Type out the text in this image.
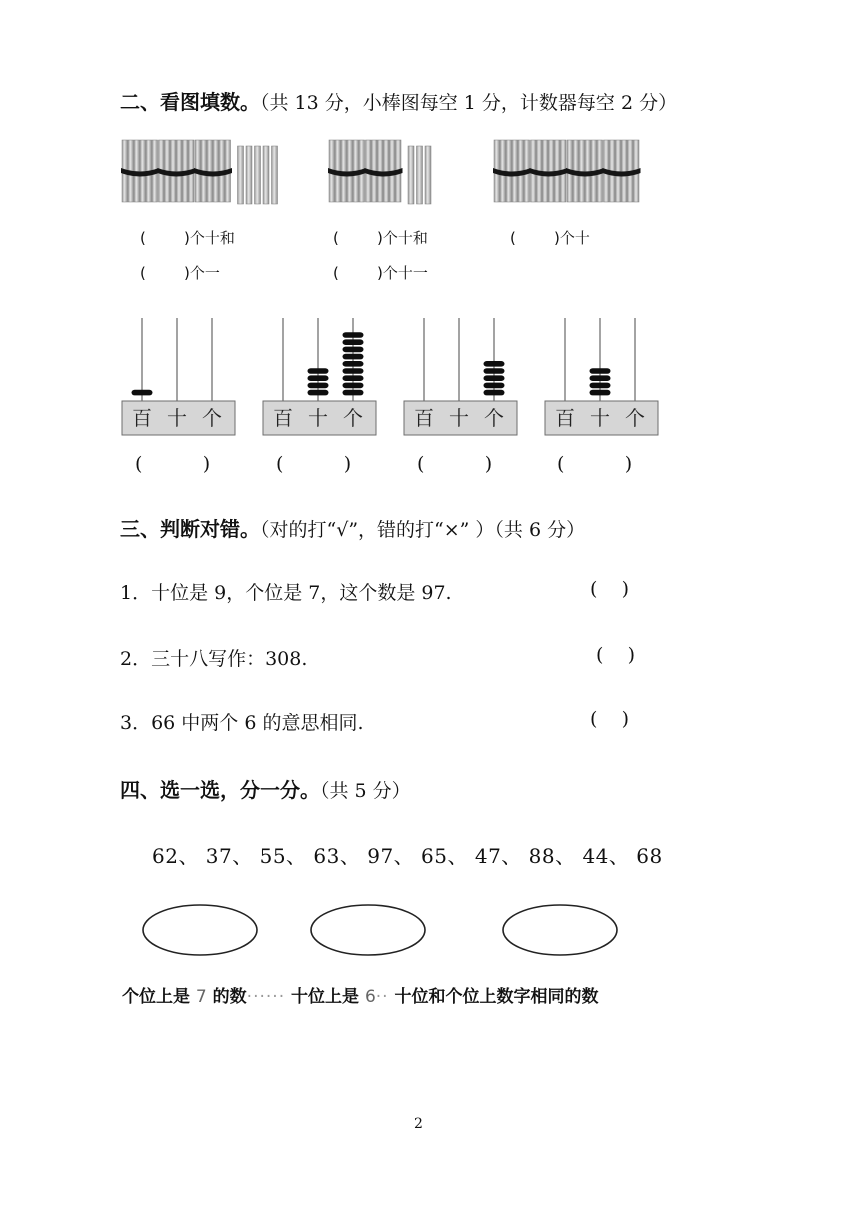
二、看图填数。（共 13 分，小棒图每空 1 分，计数器每空 2 分）
(        )个十和
(        )个一
(        )个十和
(        )个十一
(        )个十
百 十 个	百 十 个	百 十 个	百 十 个
(          )	(          )	(          )	(          )
三、判断对错。（对的打“√”，错的打“×” ）（共 6 分）
1．十位是 9，个位是 7，这个数是 97.	(    )
2．三十八写作：308.	(    )
3．66 中两个 6 的意思相同.	(    )
四、选一选，分一分。（共 5 分）
62、 37、 55、 63、 97、 65、 47、 88、 44、 68
个位上是 7 的数······ 十位上是 6·· 十位和个位上数字相同的数
2
